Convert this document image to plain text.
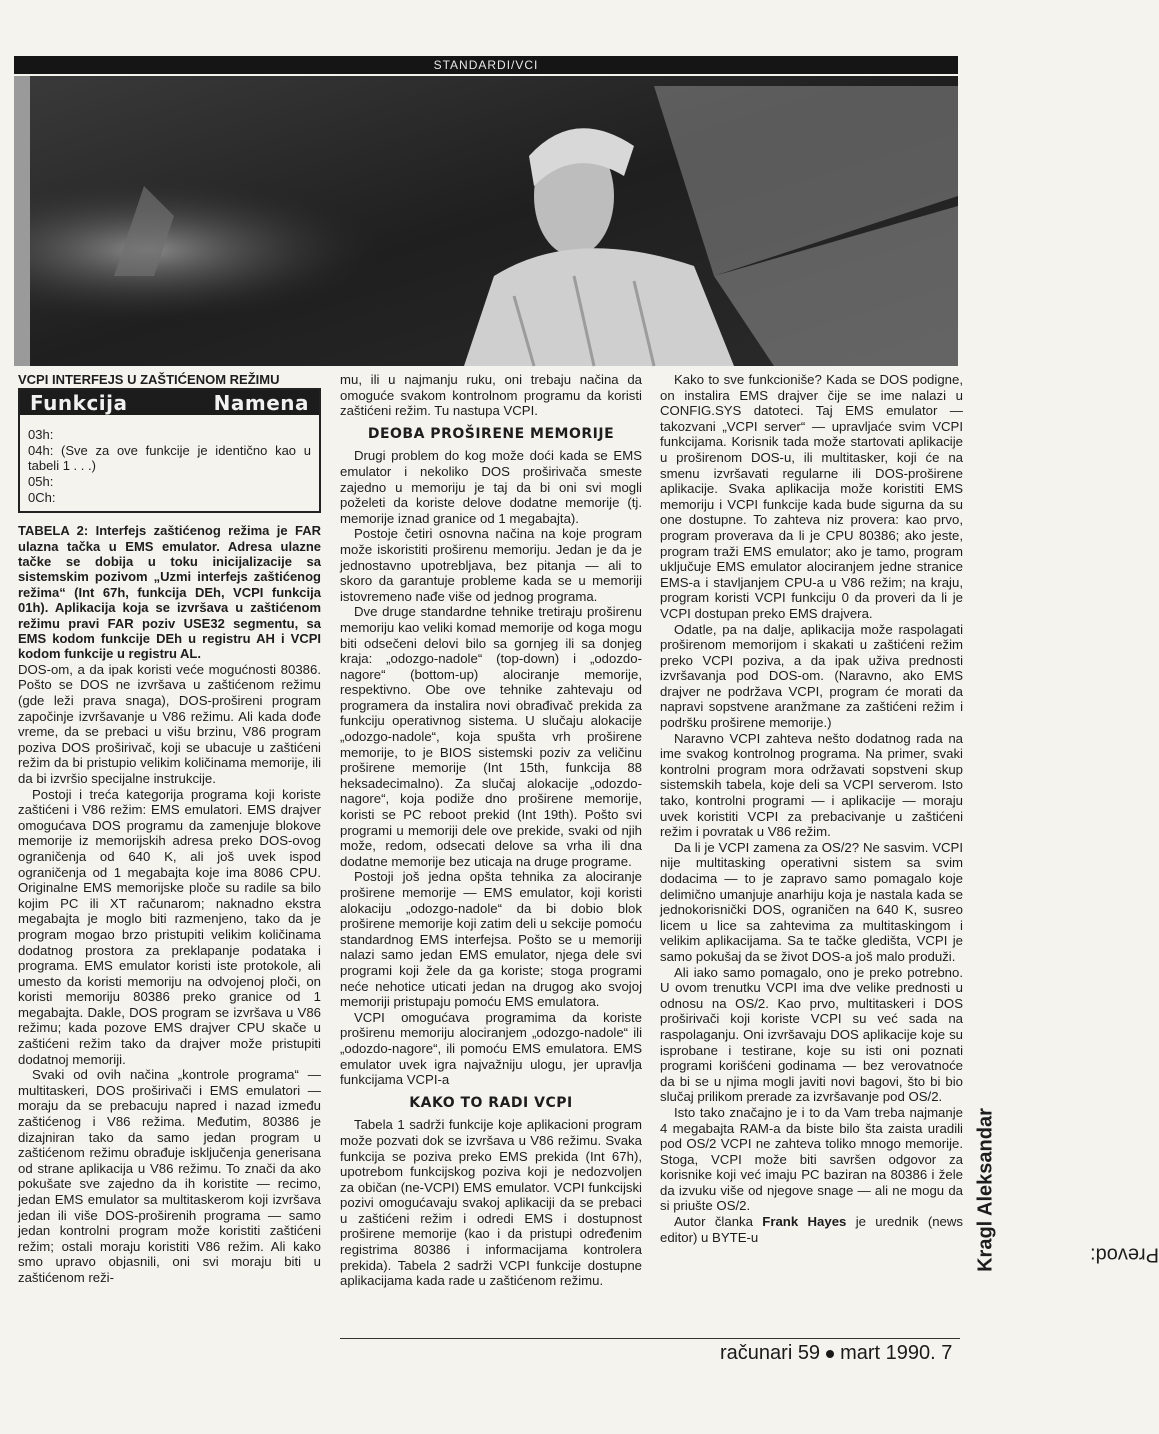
STANDARDI/VCI

VCPI INTERFEJS U ZAŠTIĆENOM REŽIMU

Funkcija	Namena
03h:
04h: (Sve za ove funkcije je identično kao u tabeli 1 . . .)
05h:
0Ch:

TABELA 2: Interfejs zaštićenog režima je FAR ulazna tačka u EMS emulator. Adresa ulazne tačke se dobija u toku inicijalizacije sa sistemskim pozivom „Uzmi interfejs zaštićenog režima“ (Int 67h, funkcija DEh, VCPI funkcija 01h). Aplikacija koja se izvršava u zaštićenom režimu pravi FAR poziv USE32 segmentu, sa EMS kodom funkcije DEh u registru AH i VCPI kodom funkcije u registru AL.

DOS-om, a da ipak koristi veće mogućnosti 80386. Pošto se DOS ne izvršava u zaštićenom režimu (gde leži prava snaga), DOS-prošireni program započinje izvršavanje u V86 režimu. Ali kada dođe vreme, da se prebaci u višu brzinu, V86 program poziva DOS proširivač, koji se ubacuje u zaštićeni režim da bi pristupio velikim količinama memorije, ili da bi izvršio specijalne instrukcije.

Postoji i treća kategorija programa koji koriste zaštićeni i V86 režim: EMS emulatori. EMS drajver omogućava DOS programu da zamenjuje blokove memorije iz memorijskih adresa preko DOS-ovog ograničenja od 640 K, ali još uvek ispod ograničenja od 1 megabajta koje ima 8086 CPU. Originalne EMS memorijske ploče su radile sa bilo kojim PC ili XT računarom; naknadno ekstra megabajta je moglo biti razmenjeno, tako da je program mogao brzo pristupiti velikim količinama dodatnog prostora za preklapanje podataka i programa. EMS emulator koristi iste protokole, ali umesto da koristi memoriju na odvojenoj ploči, on koristi memoriju 80386 preko granice od 1 megabajta. Dakle, DOS program se izvršava u V86 režimu; kada pozove EMS drajver CPU skače u zaštićeni režim tako da drajver može pristupiti dodatnoj memoriji.

Svaki od ovih načina „kontrole programa“ — multitaskeri, DOS proširivači i EMS emulatori — moraju da se prebacuju napred i nazad između zaštićenog i V86 režima. Međutim, 80386 je dizajniran tako da samo jedan program u zaštićenom režimu obrađuje isključenja generisana od strane aplikacija u V86 režimu. To znači da ako pokušate sve zajedno da ih koristite — recimo, jedan EMS emulator sa multitaskerom koji izvršava jedan ili više DOS-proširenih programa — samo jedan kontrolni program može koristiti zaštićeni režim; ostali moraju koristiti V86 režim. Ali kako smo upravo objasnili, oni svi moraju biti u zaštićenom reži-

mu, ili u najmanju ruku, oni trebaju načina da omoguće svakom kontrolnom programu da koristi zaštićeni režim. Tu nastupa VCPI.

DEOBA PROŠIRENE MEMORIJE

Drugi problem do kog može doći kada se EMS emulator i nekoliko DOS proširivača smeste zajedno u memoriju je taj da bi oni svi mogli poželeti da koriste delove dodatne memorije (tj. memorije iznad granice od 1 megabajta).

Postoje četiri osnovna načina na koje program može iskoristiti proširenu memoriju. Jedan je da je jednostavno upotrebljava, bez pitanja — ali to skoro da garantuje probleme kada se u memoriji istovremeno nađe više od jednog programa.

Dve druge standardne tehnike tretiraju proširenu memoriju kao veliki komad memorije od koga mogu biti odsečeni delovi bilo sa gornjeg ili sa donjeg kraja: „odozgo-nadole“ (top-down) i „odozdo-nagore“ (bottom-up) alociranje memorije, respektivno. Obe ove tehnike zahtevaju od programera da instalira novi obrađivač prekida za funkciju operativnog sistema. U slučaju alokacije „odozgo-nadole“, koja spušta vrh proširene memorije, to je BIOS sistemski poziv za veličinu proširene memorije (Int 15th, funkcija 88 heksadecimalno). Za slučaj alokacije „odozdo-nagore“, koja podiže dno proširene memorije, koristi se PC reboot prekid (Int 19th). Pošto svi programi u memoriji dele ove prekide, svaki od njih može, redom, odsecati delove sa vrha ili dna dodatne memorije bez uticaja na druge programe.

Postoji još jedna opšta tehnika za alociranje proširene memorije — EMS emulator, koji koristi alokaciju „odozgo-nadole“ da bi dobio blok proširene memorije koji zatim deli u sekcije pomoću standardnog EMS interfejsa. Pošto se u memoriji nalazi samo jedan EMS emulator, njega dele svi programi koji žele da ga koriste; stoga programi neće nehotice uticati jedan na drugog ako svojoj memoriji pristupaju pomoću EMS emulatora.

VCPI omogućava programima da koriste proširenu memoriju alociranjem „odozgo-nadole“ ili „odozdo-nagore“, ili pomoću EMS emulatora. EMS emulator uvek igra najvažniju ulogu, jer upravlja funkcijama VCPI-a

KAKO TO RADI VCPI

Tabela 1 sadrži funkcije koje aplikacioni program može pozvati dok se izvršava u V86 režimu. Svaka funkcija se poziva preko EMS prekida (Int 67h), upotrebom funkcijskog poziva koji je nedozvoljen za običan (ne-VCPI) EMS emulator. VCPI funkcijski pozivi omogućavaju svakoj aplikaciji da se prebaci u zaštićeni režim i odredi EMS i dostupnost proširene memorije (kao i da pristupi određenim registrima 80386 i informacijama kontrolera prekida). Tabela 2 sadrži VCPI funkcije dostupne aplikacijama kada rade u zaštićenom režimu.

Kako to sve funkcioniše? Kada se DOS podigne, on instalira EMS drajver čije se ime nalazi u CONFIG.SYS datoteci. Taj EMS emulator — takozvani „VCPI server“ — upravljaće svim VCPI funkcijama. Korisnik tada može startovati aplikacije u proširenom DOS-u, ili multitasker, koji će na smenu izvršavati regularne ili DOS-proširene aplikacije. Svaka aplikacija može koristiti EMS memoriju i VCPI funkcije kada bude sigurna da su one dostupne. To zahteva niz provera: kao prvo, program proverava da li je CPU 80386; ako jeste, program traži EMS emulator; ako je tamo, program uključuje EMS emulator alociranjem jedne stranice EMS-a i stavljanjem CPU-a u V86 režim; na kraju, program koristi VCPI funkciju 0 da proveri da li je VCPI dostupan preko EMS drajvera.

Odatle, pa na dalje, aplikacija može raspolagati proširenom memorijom i skakati u zaštićeni režim preko VCPI poziva, a da ipak uživa prednosti izvršavanja pod DOS-om. (Naravno, ako EMS drajver ne podržava VCPI, program će morati da napravi sopstvene aranžmane za zaštićeni režim i podršku proširene memorije.)

Naravno VCPI zahteva nešto dodatnog rada na ime svakog kontrolnog programa. Na primer, svaki kontrolni program mora održavati sopstveni skup sistemskih tabela, koje deli sa VCPI serverom. Isto tako, kontrolni programi — i aplikacije — moraju uvek koristiti VCPI za prebacivanje u zaštićeni režim i povratak u V86 režim.

Da li je VCPI zamena za OS/2? Ne sasvim. VCPI nije multitasking operativni sistem sa svim dodacima — to je zapravo samo pomagalo koje delimično umanjuje anarhiju koja je nastala kada se jednokorisnički DOS, ograničen na 640 K, susreo licem u lice sa zahtevima za multitaskingom i velikim aplikacijama. Sa te tačke gledišta, VCPI je samo pokušaj da se život DOS-a još malo produži.

Ali iako samo pomagalo, ono je preko potrebno. U ovom trenutku VCPI ima dve velike prednosti u odnosu na OS/2. Kao prvo, multitaskeri i DOS proširivači koji koriste VCPI su već sada na raspolaganju. Oni izvršavaju DOS aplikacije koje su isprobane i testirane, koje su isti oni poznati programi korišćeni godinama — bez verovatnoće da bi se u njima mogli javiti novi bagovi, što bi bio slučaj prilikom prerade za izvršavanje pod OS/2.

Isto tako značajno je i to da Vam treba najmanje 4 megabajta RAM-a da biste bilo šta zaista uradili pod OS/2 VCPI ne zahteva toliko mnogo memorije. Stoga, VCPI može biti savršen odgovor za korisnike koji već imaju PC baziran na 80386 i žele da izvuku više od njegove snage — ali ne mogu da si priušte OS/2.

Autor članka Frank Hayes je urednik (news editor) u BYTE-u

Prevod:
Kragl Aleksandar
računari 59 mart 1990. 7
